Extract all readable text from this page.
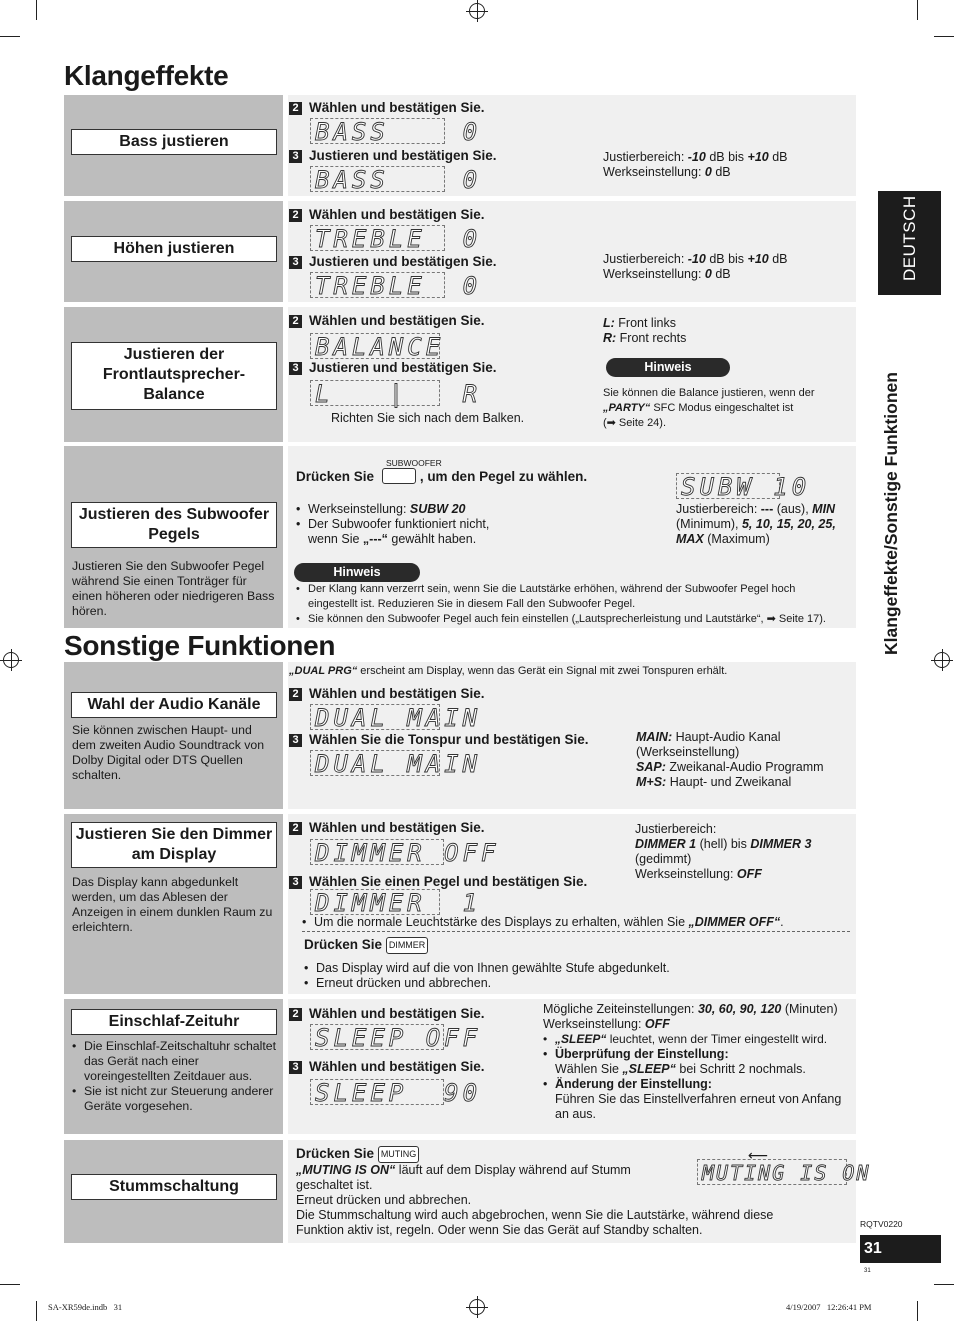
Klangeffekte
Sonstige Funktionen
DEUTSCH
Klangeffekte/Sonstige Funktionen
Bass justieren
2 Wählen und bestätigen Sie.
BASS    0
3 Justieren und bestätigen Sie.
BASS    0
Justierbereich: -10 dB bis +10 dB
Werkseinstellung: 0 dB
Höhen justieren
2 Wählen und bestätigen Sie.
TREBLE  0
3 Justieren und bestätigen Sie.
TREBLE  0
Justierbereich: -10 dB bis +10 dB
Werkseinstellung: 0 dB
Justieren der Frontlautsprecher-Balance
2 Wählen und bestätigen Sie.
BALANCE
3 Justieren und bestätigen Sie.
L   |   R
Richten Sie sich nach dem Balken.
L: Front links
R: Front rechts
Hinweis
Sie können die Balance justieren, wenn der
„PARTY“ SFC Modus eingeschaltet ist
(➡ Seite 24).
Justieren des Subwoofer Pegels
Justieren Sie den Subwoofer Pegel während Sie einen Tonträger für einen höheren oder niedrigeren Bass hören.
SUBWOOFER
Drücken Sie	, um den Pegel zu wählen.	SUBW 10
• Werkseinstellung: SUBW 20
• Der Subwoofer funktioniert nicht,
wenn Sie „---“ gewählt haben.
Justierbereich: --- (aus), MIN
(Minimum), 5, 10, 15, 20, 25,
MAX (Maximum)
Hinweis
• Der Klang kann verzerrt sein, wenn Sie die Lautstärke erhöhen, während der Subwoofer Pegel hoch
eingestellt ist. Reduzieren Sie in diesem Fall den Subwoofer Pegel.
• Sie können den Subwoofer Pegel auch fein einstellen („Lautsprecherleistung und Lautstärke“, ➡ Seite 17).
Wahl der Audio Kanäle
Sie können zwischen Haupt- und dem zweiten Audio Soundtrack von Dolby Digital oder DTS Quellen schalten.
„DUAL PRG“ erscheint am Display, wenn das Gerät ein Signal mit zwei Tonspuren erhält.
2 Wählen und bestätigen Sie.
DUAL MAIN
3 Wählen Sie die Tonspur und bestätigen Sie.
DUAL MAIN
MAIN: Haupt-Audio Kanal
(Werkseinstellung)
SAP: Zweikanal-Audio Programm
M+S: Haupt- und Zweikanal
Justieren Sie den Dimmer am Display
Das Display kann abgedunkelt werden, um das Ablesen der Anzeigen in einem dunklen Raum zu erleichtern.
2 Wählen und bestätigen Sie.
DIMMER OFF
3 Wählen Sie einen Pegel und bestätigen Sie.
DIMMER  1
Justierbereich:
DIMMER 1 (hell) bis DIMMER 3
(gedimmt)
Werkseinstellung: OFF
• Um die normale Leuchtstärke des Displays zu erhalten, wählen Sie „DIMMER OFF“.
Drücken Sie DIMMER
• Das Display wird auf die von Ihnen gewählte Stufe abgedunkelt.
• Erneut drücken und abbrechen.
Einschlaf-Zeituhr
• Die Einschlaf-Zeitschaltuhr schaltet das Gerät nach einer voreingestellten Zeitdauer aus.
• Sie ist nicht zur Steuerung anderer Geräte vorgesehen.
2 Wählen und bestätigen Sie.
SLEEP OFF
3 Wählen und bestätigen Sie.
SLEEP  90
Mögliche Zeiteinstellungen: 30, 60, 90, 120 (Minuten)
Werkseinstellung: OFF
• „SLEEP“ leuchtet, wenn der Timer eingestellt wird.
• Überprüfung der Einstellung:
Wählen Sie „SLEEP“ bei Schritt 2 nochmals.
• Änderung der Einstellung:
Führen Sie das Einstellverfahren erneut von Anfang an aus.
Stummschaltung
Drücken Sie MUTING
„MUTING IS ON“ läuft auf dem Display während auf Stumm
geschaltet ist.
Erneut drücken und abbrechen.
Die Stummschaltung wird auch abgebrochen, wenn Sie die Lautstärke, während diese
Funktion aktiv ist, regeln. Oder wenn Sie das Gerät auf Standby schalten.
⟵
MUTING IS ON
RQTV0220
31
31
SA-XR59de.indb   31	4/19/2007   12:26:41 PM
